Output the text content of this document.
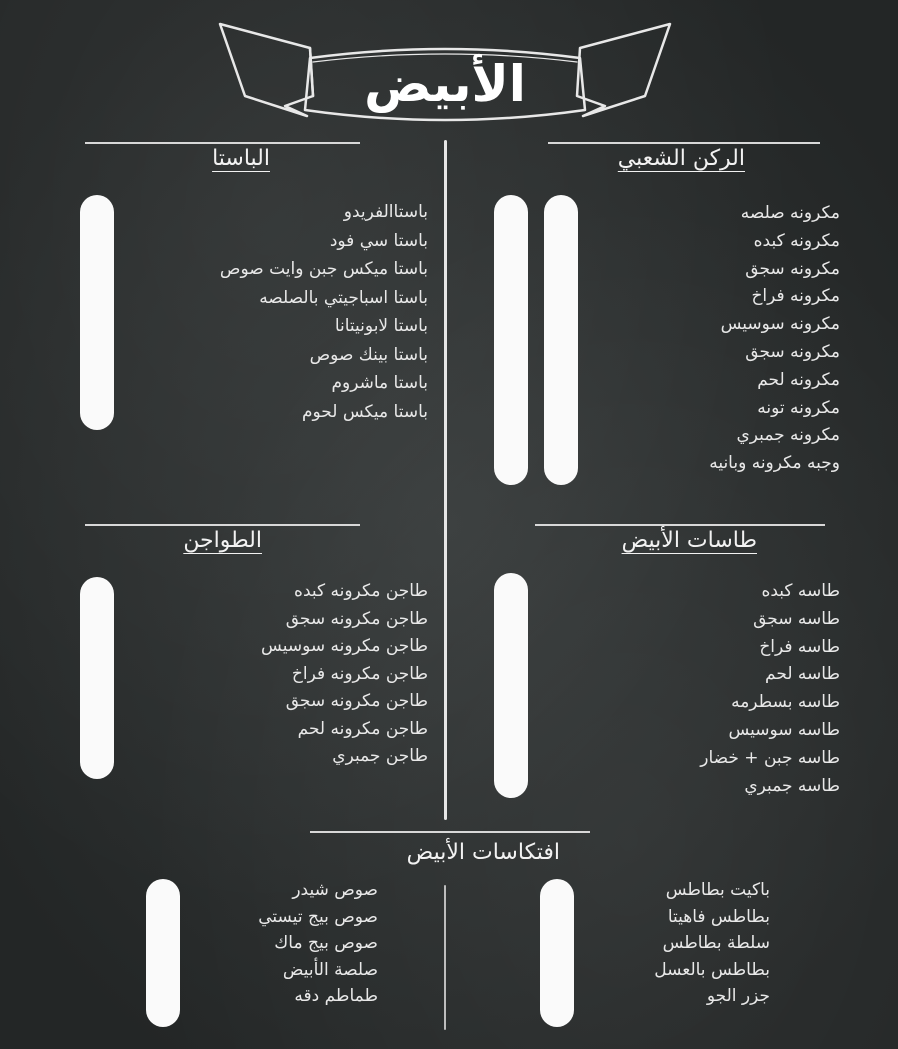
الأبيض
الركن الشعبي
مكرونه صلصه
مكرونه كبده
مكرونه سجق
مكرونه فراخ
مكرونه سوسيس
مكرونه سجق
مكرونه لحم
مكرونه تونه
مكرونه جمبري
وجبه مكرونه وبانيه
الباستا
باستاالفريدو
باستا سي فود
باستا ميكس جبن وايت صوص
باستا اسباجيتي بالصلصه
باستا لابونيتانا
باستا بينك صوص
باستا ماشروم
باستا ميكس لحوم
طاسات الأبيض
طاسه كبده
طاسه سجق
طاسه فراخ
طاسه لحم
طاسه بسطرمه
طاسه سوسيس
طاسه جبن + خضار
طاسه جمبري
الطواجن
طاجن مكرونه كبده
طاجن مكرونه سجق
طاجن مكرونه سوسيس
طاجن مكرونه فراخ
طاجن مكرونه سجق
طاجن مكرونه لحم
طاجن جمبري
افتكاسات الأبيض
باكيت بطاطس
بطاطس فاهيتا
سلطة بطاطس
بطاطس بالعسل
جزر الجو
صوص شيدر
صوص بيج تيستي
صوص بيج ماك
صلصة الأبيض
طماطم دقه
